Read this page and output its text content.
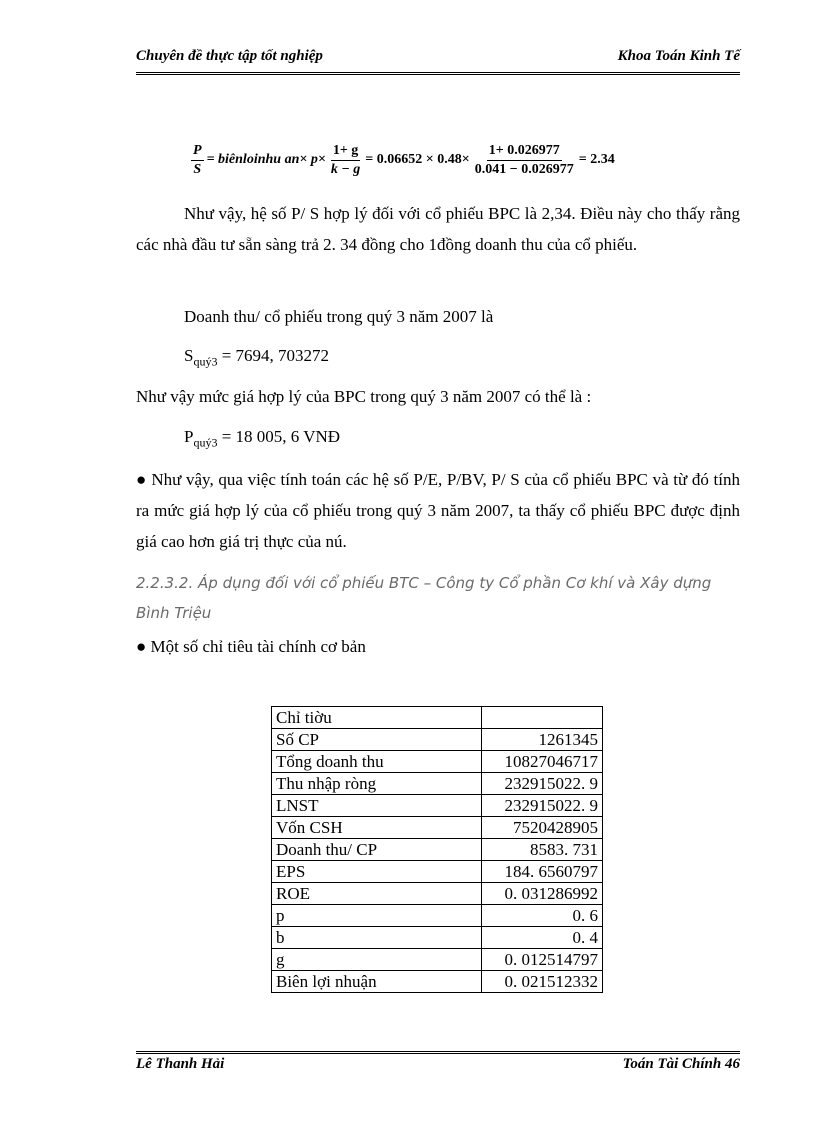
Chuyên đề thực tập tốt nghiệp	Khoa Toán Kinh Tế
$\frac{P}{S}$ = biênloinhu $an\times p\times \frac{1+ g}{k - g} = 0.06652 \times 0.48\times \frac{1+ 0.026977}{0.041 - 0.026977} = 2.34$
Như vậy, hệ số P/ S hợp lý đối với cổ phiếu BPC là 2,34. Điều này cho thấy rằng các nhà đầu tư sẵn sàng trả 2. 34 đồng cho 1đồng doanh thu của cổ phiếu.
Doanh thu/ cổ phiếu trong quý 3 năm 2007 là
$S_{quý3} = 7694$, 703272
Như vậy mức giá hợp lý của BPC trong quý 3 năm 2007 có thể là :
$P_{quý3} = 18$ 005, 6 VNĐ
● Như vậy, qua việc tính toán các hệ số P/E, P/BV, P/ S của cổ phiếu BPC và từ đó tính ra mức giá hợp lý của cổ phiếu trong quý 3 năm 2007, ta thấy cổ phiếu BPC được định giá cao hơn giá trị thực của nú.
2.2.3.2. Áp dụng đối với cổ phiếu BTC – Công ty Cổ phần Cơ khí và Xây dựng Bình Triệu
● Một số chỉ tiêu tài chính cơ bản
Chỉ tiờu	
Số CP	1261345
Tổng doanh thu	10827046717
Thu nhập ròng	232915022. 9
LNST	232915022. 9
Vốn CSH	7520428905
Doanh thu/ CP	8583. 731
EPS	184. 6560797
ROE	0. 031286992
p	0. 6
b	0. 4
g	0. 012514797
Biên lợi nhuận	0. 021512332
Lê Thanh Hải	Toán Tài Chính 46
